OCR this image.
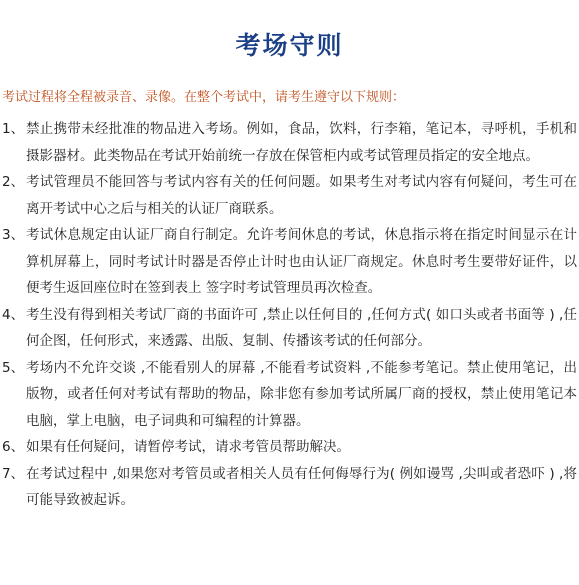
考场守则
考试过程将全程被录音、录像。在整个考试中，请考生遵守以下规则：
1、 禁止携带未经批准的物品进入考场。例如，食品，饮料，行李箱，笔记本，寻呼机，手机和摄影器材。此类物品在考试开始前统一存放在保管柜内或考试管理员指定的安全地点。
2、 考试管理员不能回答与考试内容有关的任何问题。如果考生对考试内容有何疑问，考生可在离开考试中心之后与相关的认证厂商联系。
3、 考试休息规定由认证厂商自行制定。允许考间休息的考试，休息指示将在指定时间显示在计算机屏幕上，同时考试计时器是否停止计时也由认证厂商规定。休息时考生要带好证件，以便考生返回座位时在签到表上 签字时考试管理员再次检查。
4、 考生没有得到相关考试厂商的书面许可 ,禁止以任何目的 ,任何方式( 如口头或者书面等 ) ,任何企图，任何形式，来透露、出版、复制、传播该考试的任何部分。
5、 考场内不允许交谈 ,不能看别人的屏幕 ,不能看考试资料 ,不能参考笔记。禁止使用笔记，出版物，或者任何对考试有帮助的物品，除非您有参加考试所属厂商的授权，禁止使用笔记本电脑，掌上电脑，电子词典和可编程的计算器。
6、 如果有任何疑问，请暂停考试，请求考管员帮助解决。
7、 在考试过程中 ,如果您对考管员或者相关人员有任何侮辱行为( 例如谩骂 ,尖叫或者恐吓 ) ,将可能导致被起诉。
